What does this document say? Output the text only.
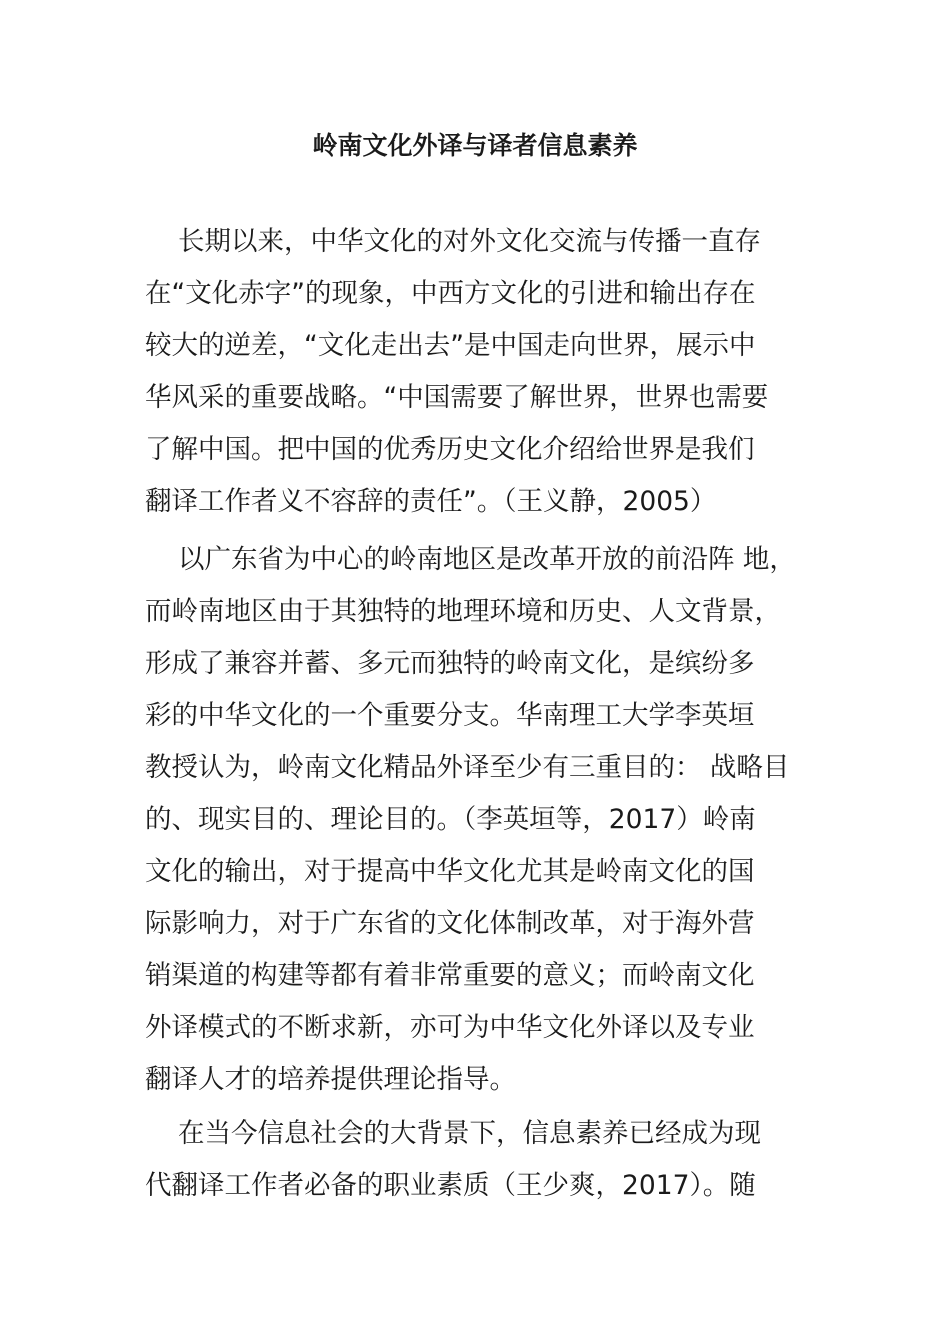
岭南文化外译与译者信息素养
长期以来，中华文化的对外文化交流与传播一直存
在“文化赤字”的现象，中西方文化的引进和输出存在
较大的逆差，“文化走出去”是中国走向世界，展示中
华风采的重要战略。“中国需要了解世界，世界也需要
了解中国。把中国的优秀历史文化介绍给世界是我们
翻译工作者义不容辞的责任”。（王义静，2005）
以广东省为中心的岭南地区是改革开放的前沿阵 地，
而岭南地区由于其独特的地理环境和历史、人文背景，
形成了兼容并蓄、多元而独特的岭南文化，是缤纷多
彩的中华文化的一个重要分支。华南理工大学李英垣
教授认为，岭南文化精品外译至少有三重目的： 战略目
的、现实目的、理论目的。（李英垣等，2017）岭南
文化的输出，对于提高中华文化尤其是岭南文化的国
际影响力，对于广东省的文化体制改革，对于海外营
销渠道的构建等都有着非常重要的意义；而岭南文化
外译模式的不断求新，亦可为中华文化外译以及专业
翻译人才的培养提供理论指导。
在当今信息社会的大背景下，信息素养已经成为现
代翻译工作者必备的职业素质（王少爽，2017）。随
